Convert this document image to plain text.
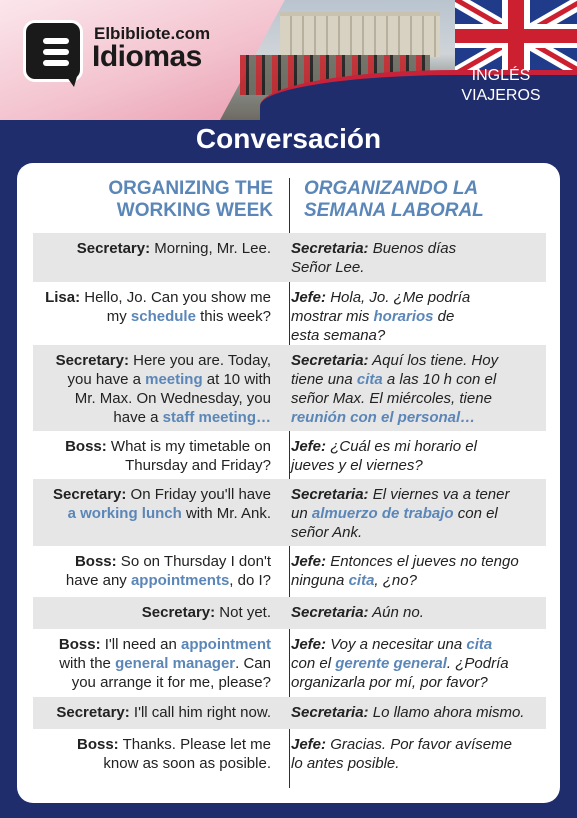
INGLÉS
VIAJEROS
Elbibliote.com
Idiomas
Conversación
ORGANIZING THE
WORKING WEEK
ORGANIZANDO LA
SEMANA LABORAL
Secretary: Morning, Mr. Lee. Secretaria: Buenos días
Señor Lee.
Lisa: Hello, Jo. Can you show me
my schedule this week?
Jefe: Hola, Jo. ¿Me podría
mostrar mis horarios de
esta semana?
Secretary: Here you are. Today,
you have a meeting at 10 with
Mr. Max. On Wednesday, you
have a staff meeting…
Secretaria: Aquí los tiene. Hoy
tiene una cita a las 10 h con el
señor Max. El miércoles, tiene
reunión con el personal…
Boss: What is my timetable on
Thursday and Friday?
Jefe: ¿Cuál es mi horario el
jueves y el viernes?
Secretary: On Friday you'll have
a working lunch with Mr. Ank.
Secretaria: El viernes va a tener
un almuerzo de trabajo con el
señor Ank.
Boss: So on Thursday I don't
have any appointments, do I?
Jefe: Entonces el jueves no tengo
ninguna cita, ¿no?
Secretary: Not yet. Secretaria: Aún no.
Boss: I'll need an appointment
with the general manager. Can
you arrange it for me, please?
Jefe: Voy a necesitar una cita
con el gerente general. ¿Podría
organizarla por mí, por favor?
Secretary: I'll call him right now. Secretaria: Lo llamo ahora mismo.
Boss: Thanks. Please let me
know as soon as posible.
Jefe: Gracias. Por favor avíseme
lo antes posible.
